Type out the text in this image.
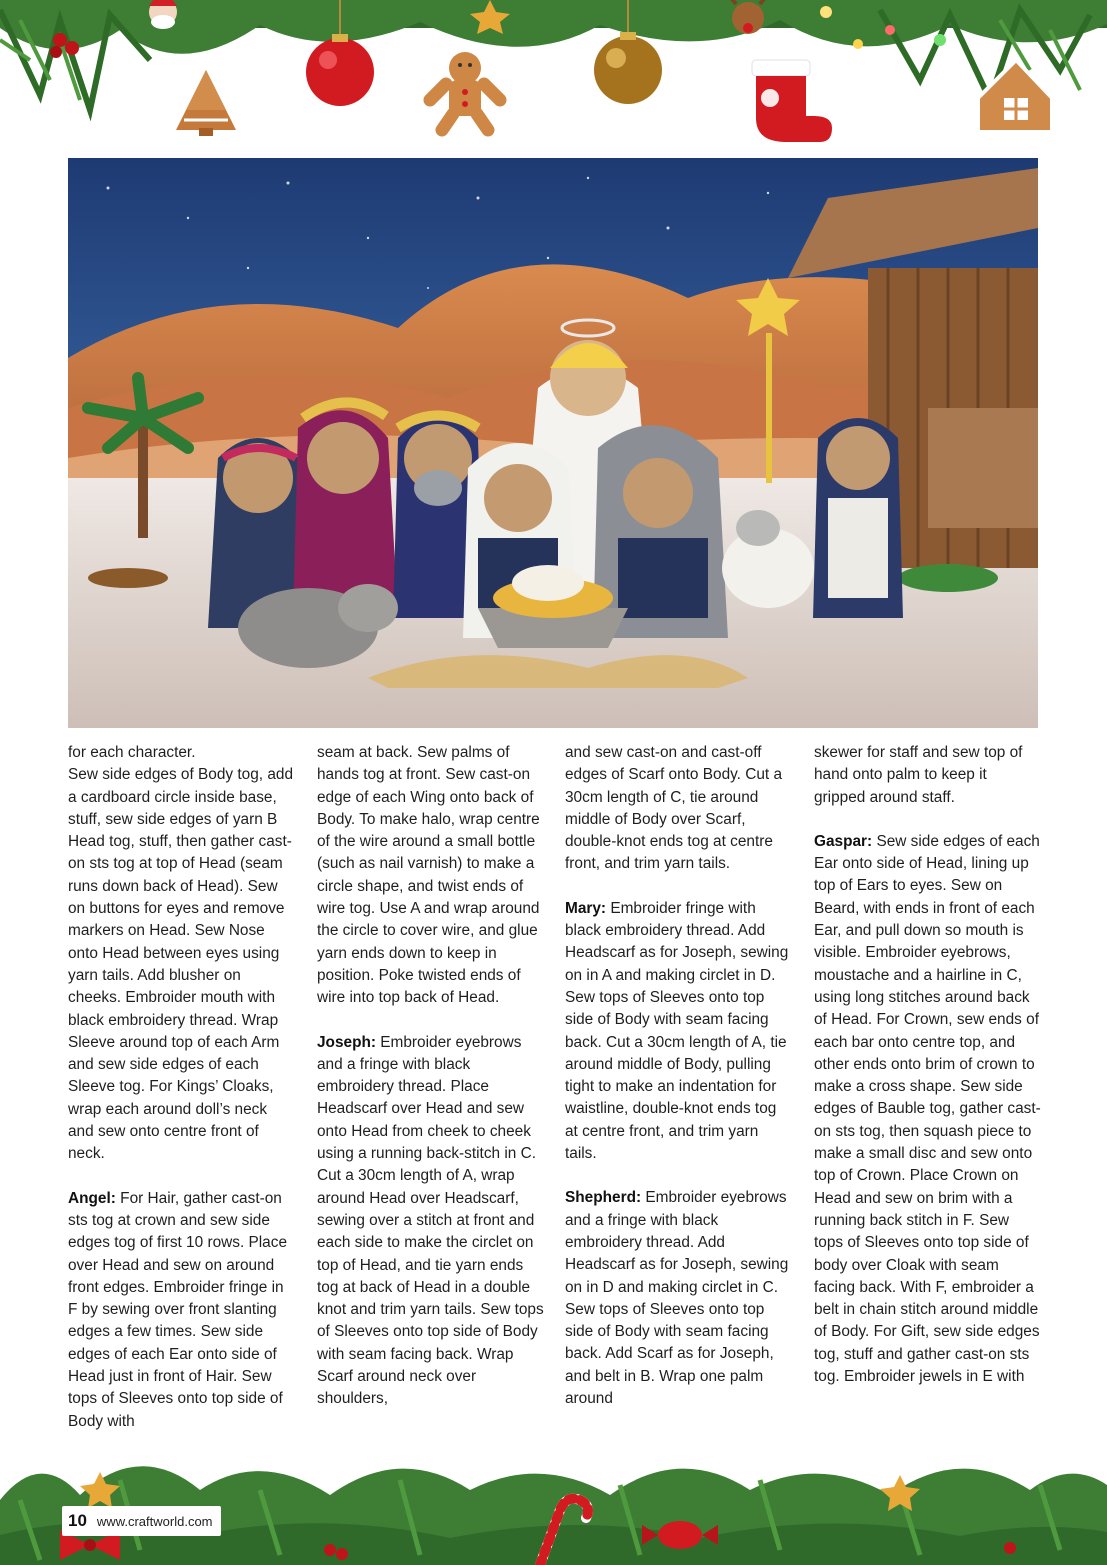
for each character.
Sew side edges of Body tog, add a cardboard circle inside base, stuff, sew side edges of yarn B Head tog, stuff, then gather cast-on sts tog at top of Head (seam runs down back of Head). Sew on buttons for eyes and remove markers on Head. Sew Nose onto Head between eyes using yarn tails. Add blusher on cheeks. Embroider mouth with black embroidery thread. Wrap Sleeve around top of each Arm and sew side edges of each Sleeve tog. For Kings’ Cloaks, wrap each around doll’s neck and sew onto centre front of neck.

Angel: For Hair, gather cast-on sts tog at crown and sew side edges tog of first 10 rows. Place over Head and sew on around front edges. Embroider fringe in F by sewing over front slanting edges a few times. Sew side edges of each Ear onto side of Head just in front of Hair. Sew tops of Sleeves onto top side of Body with

seam at back. Sew palms of hands tog at front. Sew cast-on edge of each Wing onto back of Body. To make halo, wrap centre of the wire around a small bottle (such as nail varnish) to make a circle shape, and twist ends of wire tog. Use A and wrap around the circle to cover wire, and glue yarn ends down to keep in position. Poke twisted ends of wire into top back of Head.

Joseph: Embroider eyebrows and a fringe with black embroidery thread. Place Headscarf over Head and sew onto Head from cheek to cheek using a running back-stitch in C. Cut a 30cm length of A, wrap around Head over Headscarf, sewing over a stitch at front and each side to make the circlet on top of Head, and tie yarn ends tog at back of Head in a double knot and trim yarn tails. Sew tops of Sleeves onto top side of Body with seam facing back. Wrap Scarf around neck over shoulders,

and sew cast-on and cast-off edges of Scarf onto Body. Cut a 30cm length of C, tie around middle of Body over Scarf, double-knot ends tog at centre front, and trim yarn tails.

Mary: Embroider fringe with black embroidery thread. Add Headscarf as for Joseph, sewing on in A and making circlet in D. Sew tops of Sleeves onto top side of Body with seam facing back. Cut a 30cm length of A, tie around middle of Body, pulling tight to make an indentation for waistline, double-knot ends tog at centre front, and trim yarn tails.

Shepherd: Embroider eyebrows and a fringe with black embroidery thread. Add Headscarf as for Joseph, sewing on in D and making circlet in C. Sew tops of Sleeves onto top side of Body with seam facing back. Add Scarf as for Joseph, and belt in B. Wrap one palm around

skewer for staff and sew top of hand onto palm to keep it gripped around staff.

Gaspar: Sew side edges of each Ear onto side of Head, lining up top of Ears to eyes. Sew on Beard, with ends in front of each Ear, and pull down so mouth is visible. Embroider eyebrows, moustache and a hairline in C, using long stitches around back of Head. For Crown, sew ends of each bar onto centre top, and other ends onto brim of crown to make a cross shape. Sew side edges of Bauble tog, gather cast-on sts tog, then squash piece to make a small disc and sew onto top of Crown. Place Crown on Head and sew on brim with a running back stitch in F. Sew tops of Sleeves onto top side of body over Cloak with seam facing back. With F, embroider a belt in chain stitch around middle of Body. For Gift, sew side edges tog, stuff and gather cast-on sts tog. Embroider jewels in E with

10 www.craftworld.com
